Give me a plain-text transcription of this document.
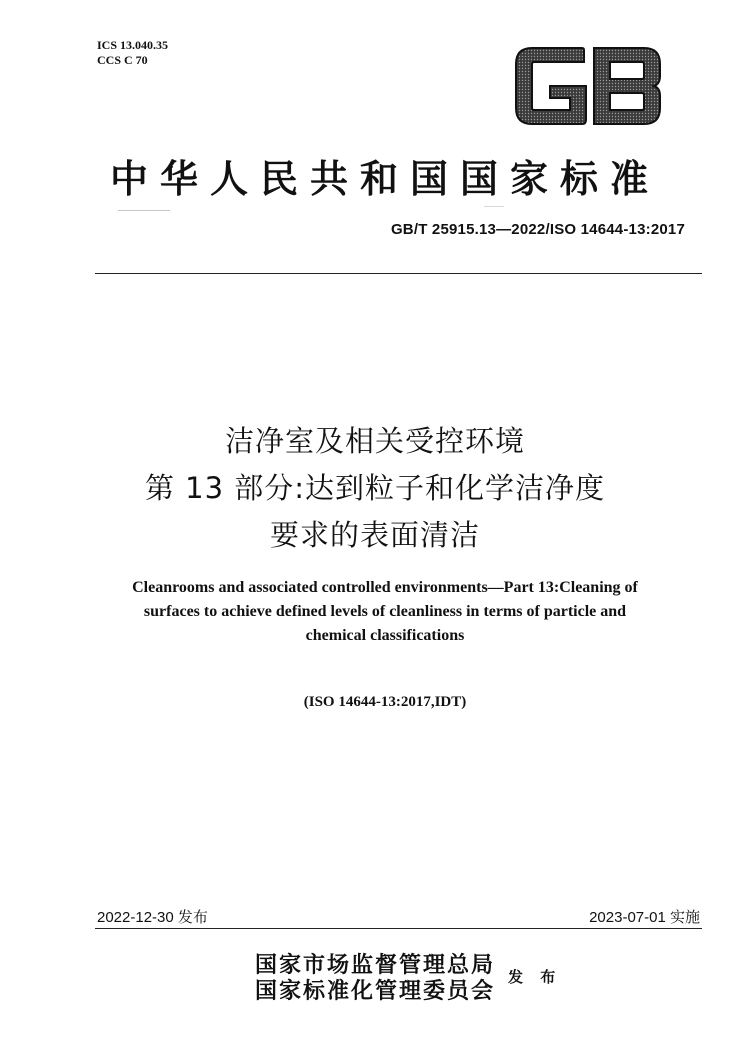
ICS 13.040.35
CCS C 70
中华人民共和国国家标准
GB/T 25915.13—2022/ISO 14644-13:2017
洁净室及相关受控环境
第 13 部分:达到粒子和化学洁净度
要求的表面清洁
Cleanrooms and associated controlled environments—Part 13:Cleaning of
surfaces to achieve defined levels of cleanliness in terms of particle and
chemical classifications
(ISO 14644-13:2017,IDT)
2022-12-30 发布	2023-07-01 实施
国家市场监督管理总局
国家标准化管理委员会
发 布
